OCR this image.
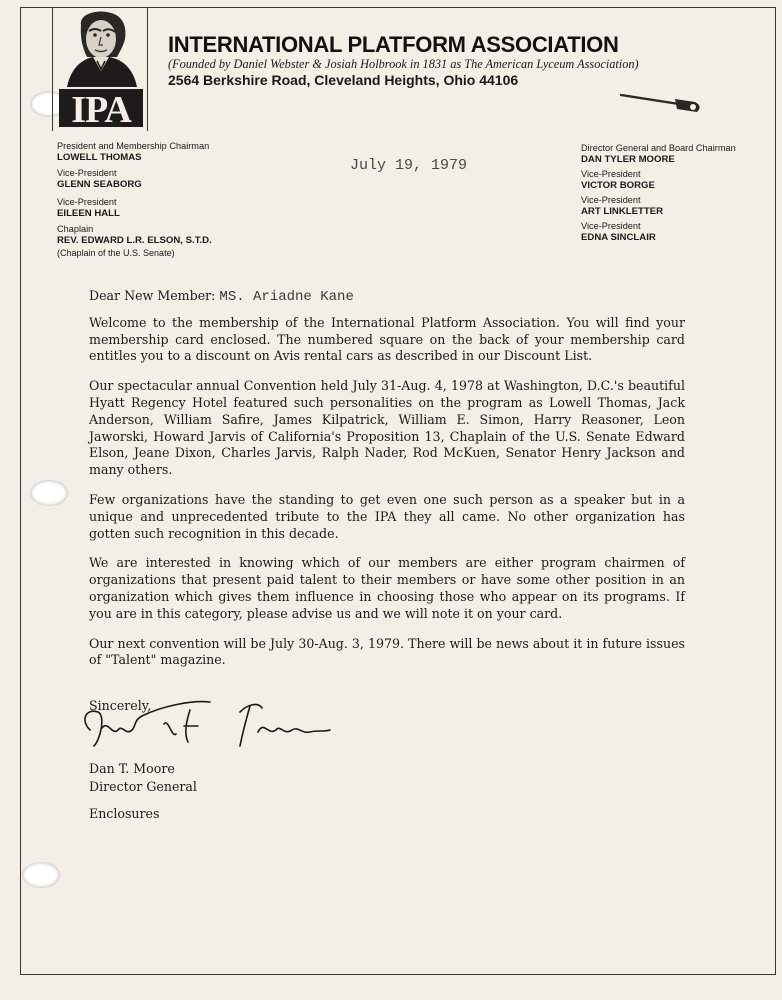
IPA
INTERNATIONAL PLATFORM ASSOCIATION
(Founded by Daniel Webster & Josiah Holbrook in 1831 as The American Lyceum Association)
2564 Berkshire Road, Cleveland Heights, Ohio 44106
President and Membership Chairman
LOWELL THOMAS
Vice-President
GLENN SEABORG
Vice-President
EILEEN HALL
Chaplain
REV. EDWARD L.R. ELSON, S.T.D.
(Chaplain of the U.S. Senate)
Director General and Board Chairman
DAN TYLER MOORE
Vice-President
VICTOR BORGE
Vice-President
ART LINKLETTER
Vice-President
EDNA SINCLAIR
July 19, 1979

Dear New Member: MS. Ariadne Kane

Welcome to the membership of the International Platform Association. You will find your membership card enclosed. The numbered square on the back of your membership card entitles you to a discount on Avis rental cars as described in our Discount List.

Our spectacular annual Convention held July 31-Aug. 4, 1978 at Washington, D.C.'s beautiful Hyatt Regency Hotel featured such personalities on the program as Lowell Thomas, Jack Anderson, William Safire, James Kilpatrick, William E. Simon, Harry Reasoner, Leon Jaworski, Howard Jarvis of California's Proposition 13, Chaplain of the U.S. Senate Edward Elson, Jeane Dixon, Charles Jarvis, Ralph Nader, Rod McKuen, Senator Henry Jackson and many others.

Few organizations have the standing to get even one such person as a speaker but in a unique and unprecedented tribute to the IPA they all came. No other organization has gotten such recognition in this decade.

We are interested in knowing which of our members are either program chairmen of organizations that present paid talent to their members or have some other position in an organization which gives them influence in choosing those who appear on its programs. If you are in this category, please advise us and we will note it on your card.

Our next convention will be July 30-Aug. 3, 1979. There will be news about it in future issues of "Talent" magazine.

Sincerely,
Dan T. Moore
Director General
Enclosures
